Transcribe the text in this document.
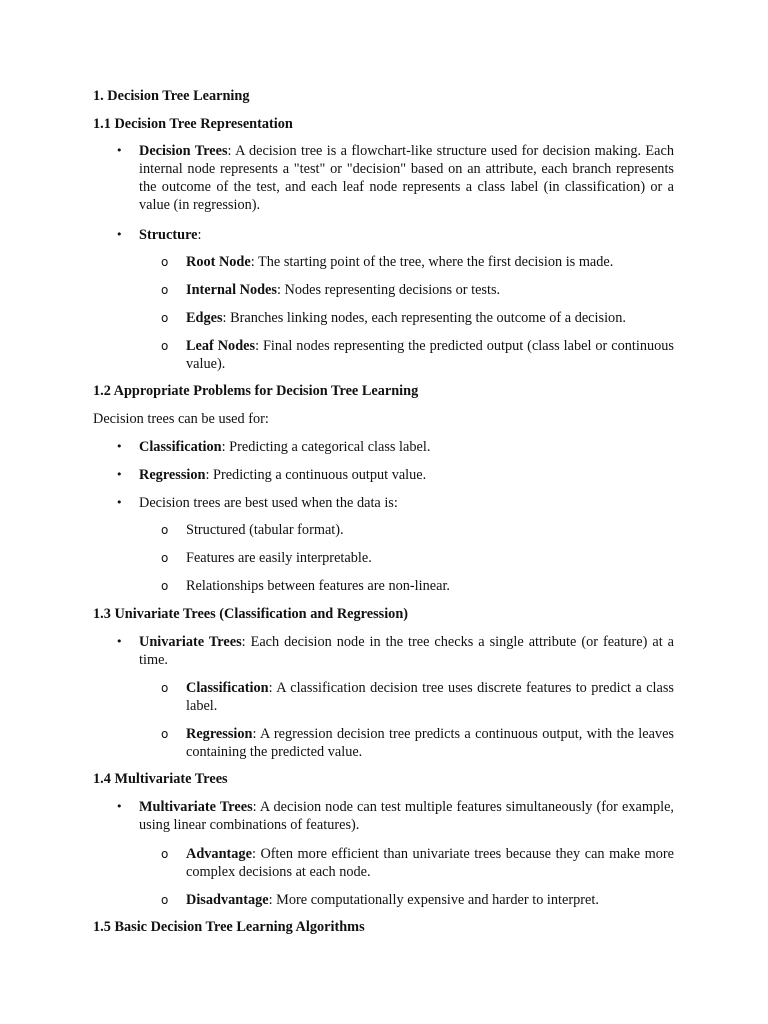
1. Decision Tree Learning

1.1 Decision Tree Representation

• Decision Trees: A decision tree is a flowchart-like structure used for decision making. Each internal node represents a "test" or "decision" based on an attribute, each branch represents the outcome of the test, and each leaf node represents a class label (in classification) or a value (in regression).

• Structure:

o Root Node: The starting point of the tree, where the first decision is made.

o Internal Nodes: Nodes representing decisions or tests.

o Edges: Branches linking nodes, each representing the outcome of a decision.

o Leaf Nodes: Final nodes representing the predicted output (class label or continuous value).

1.2 Appropriate Problems for Decision Tree Learning

Decision trees can be used for:

• Classification: Predicting a categorical class label.

• Regression: Predicting a continuous output value.

• Decision trees are best used when the data is:

o Structured (tabular format).

o Features are easily interpretable.

o Relationships between features are non-linear.

1.3 Univariate Trees (Classification and Regression)

• Univariate Trees: Each decision node in the tree checks a single attribute (or feature) at a time.

o Classification: A classification decision tree uses discrete features to predict a class label.

o Regression: A regression decision tree predicts a continuous output, with the leaves containing the predicted value.

1.4 Multivariate Trees

• Multivariate Trees: A decision node can test multiple features simultaneously (for example, using linear combinations of features).

o Advantage: Often more efficient than univariate trees because they can make more complex decisions at each node.

o Disadvantage: More computationally expensive and harder to interpret.

1.5 Basic Decision Tree Learning Algorithms
